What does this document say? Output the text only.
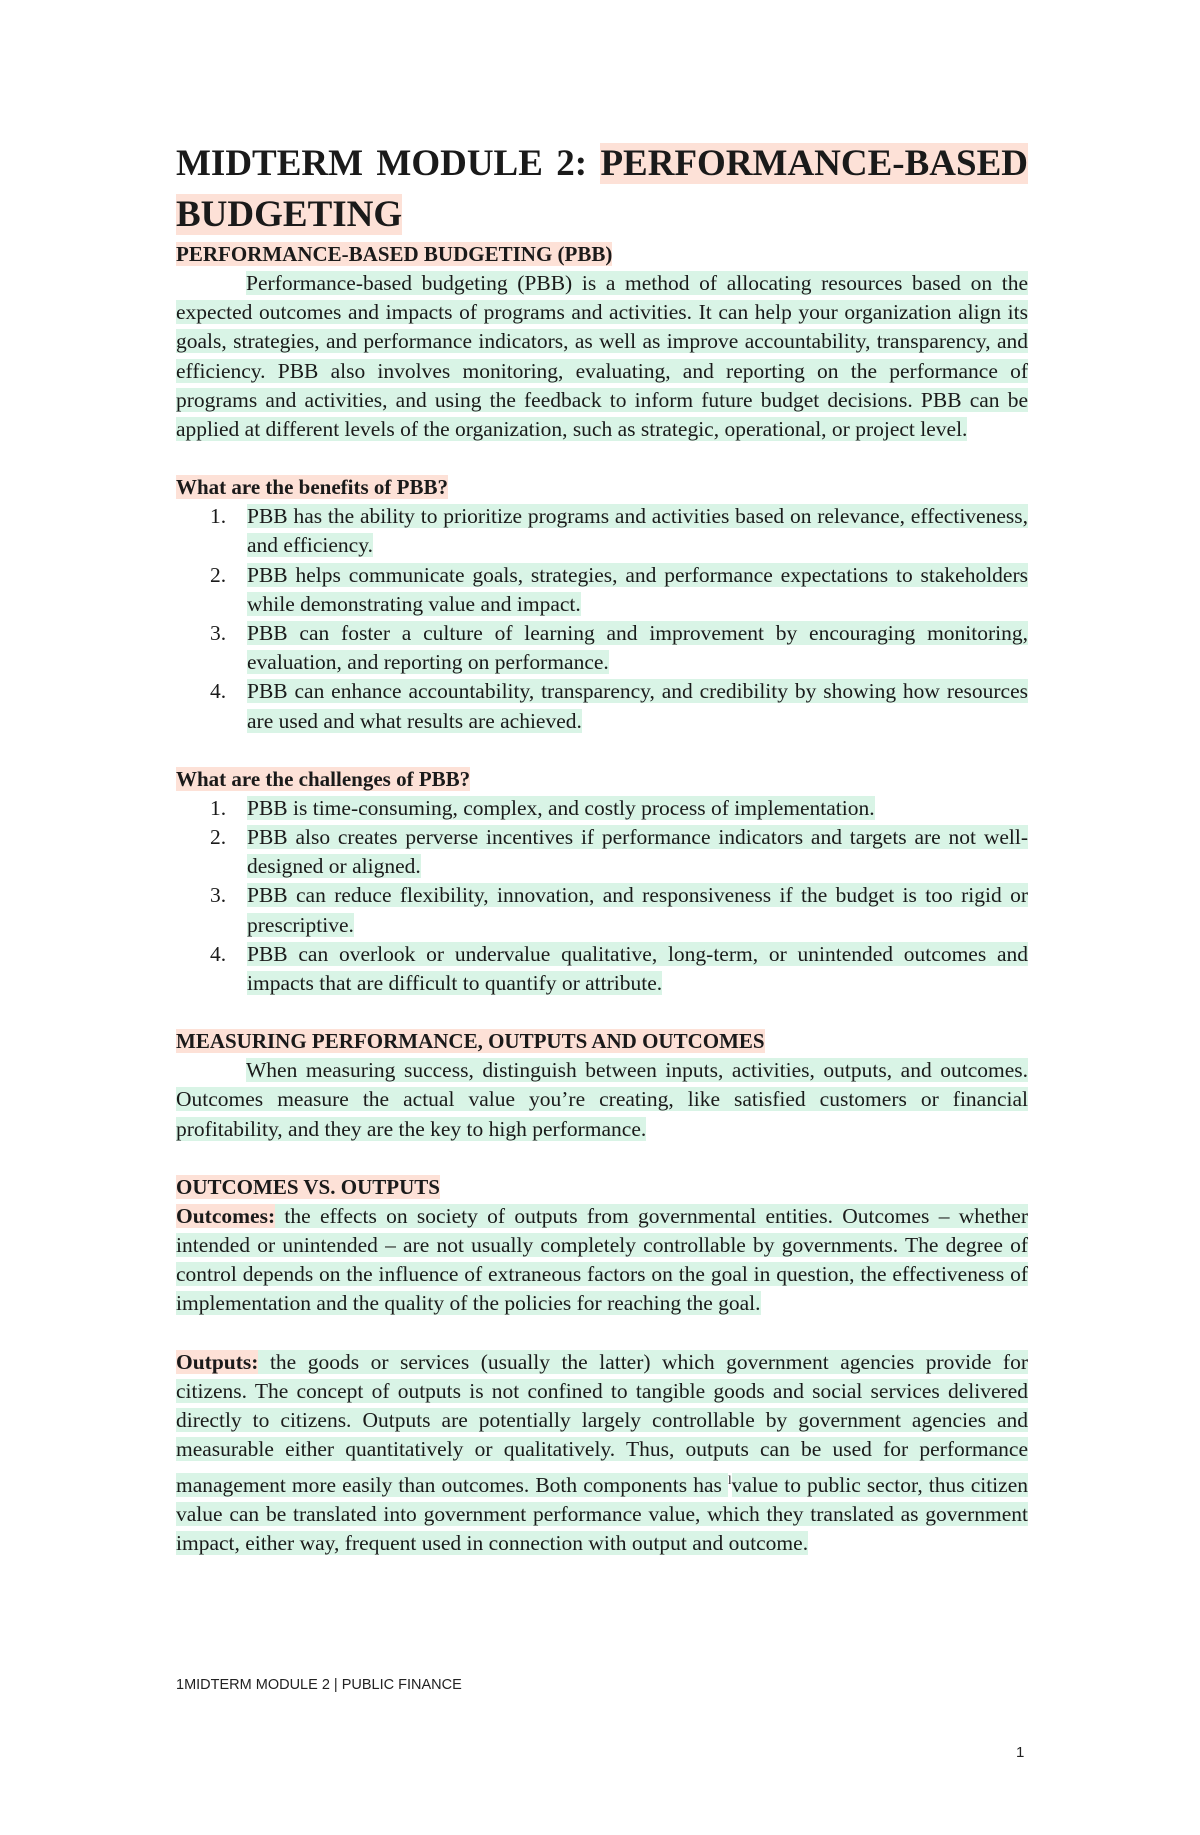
MIDTERM MODULE 2: PERFORMANCE-BASED BUDGETING

PERFORMANCE-BASED BUDGETING (PBB)

Performance-based budgeting (PBB) is a method of allocating resources based on the expected outcomes and impacts of programs and activities. It can help your organization align its goals, strategies, and performance indicators, as well as improve accountability, transparency, and efficiency. PBB also involves monitoring, evaluating, and reporting on the performance of programs and activities, and using the feedback to inform future budget decisions. PBB can be applied at different levels of the organization, such as strategic, operational, or project level.

What are the benefits of PBB?

1. PBB has the ability to prioritize programs and activities based on relevance, effectiveness, and efficiency.
2. PBB helps communicate goals, strategies, and performance expectations to stakeholders while demonstrating value and impact.
3. PBB can foster a culture of learning and improvement by encouraging monitoring, evaluation, and reporting on performance.
4. PBB can enhance accountability, transparency, and credibility by showing how resources are used and what results are achieved.

What are the challenges of PBB?

1. PBB is time-consuming, complex, and costly process of implementation.
2. PBB also creates perverse incentives if performance indicators and targets are not well-designed or aligned.
3. PBB can reduce flexibility, innovation, and responsiveness if the budget is too rigid or prescriptive.
4. PBB can overlook or undervalue qualitative, long-term, or unintended outcomes and impacts that are difficult to quantify or attribute.

MEASURING PERFORMANCE, OUTPUTS AND OUTCOMES

When measuring success, distinguish between inputs, activities, outputs, and outcomes. Outcomes measure the actual value you’re creating, like satisfied customers or financial profitability, and they are the key to high performance.

OUTCOMES VS. OUTPUTS

Outcomes: the effects on society of outputs from governmental entities. Outcomes – whether intended or unintended – are not usually completely controllable by governments. The degree of control depends on the influence of extraneous factors on the goal in question, the effectiveness of implementation and the quality of the policies for reaching the goal.

Outputs: the goods or services (usually the latter) which government agencies provide for citizens. The concept of outputs is not confined to tangible goods and social services delivered directly to citizens. Outputs are potentially largely controllable by government agencies and measurable either quantitatively or qualitatively. Thus, outputs can be used for performance management more easily than outcomes. Both components has $^l$value to public sector, thus citizen value can be translated into government performance value, which they translated as government impact, either way, frequent used in connection with output and outcome.

1MIDTERM MODULE 2 | PUBLIC FINANCE
1
